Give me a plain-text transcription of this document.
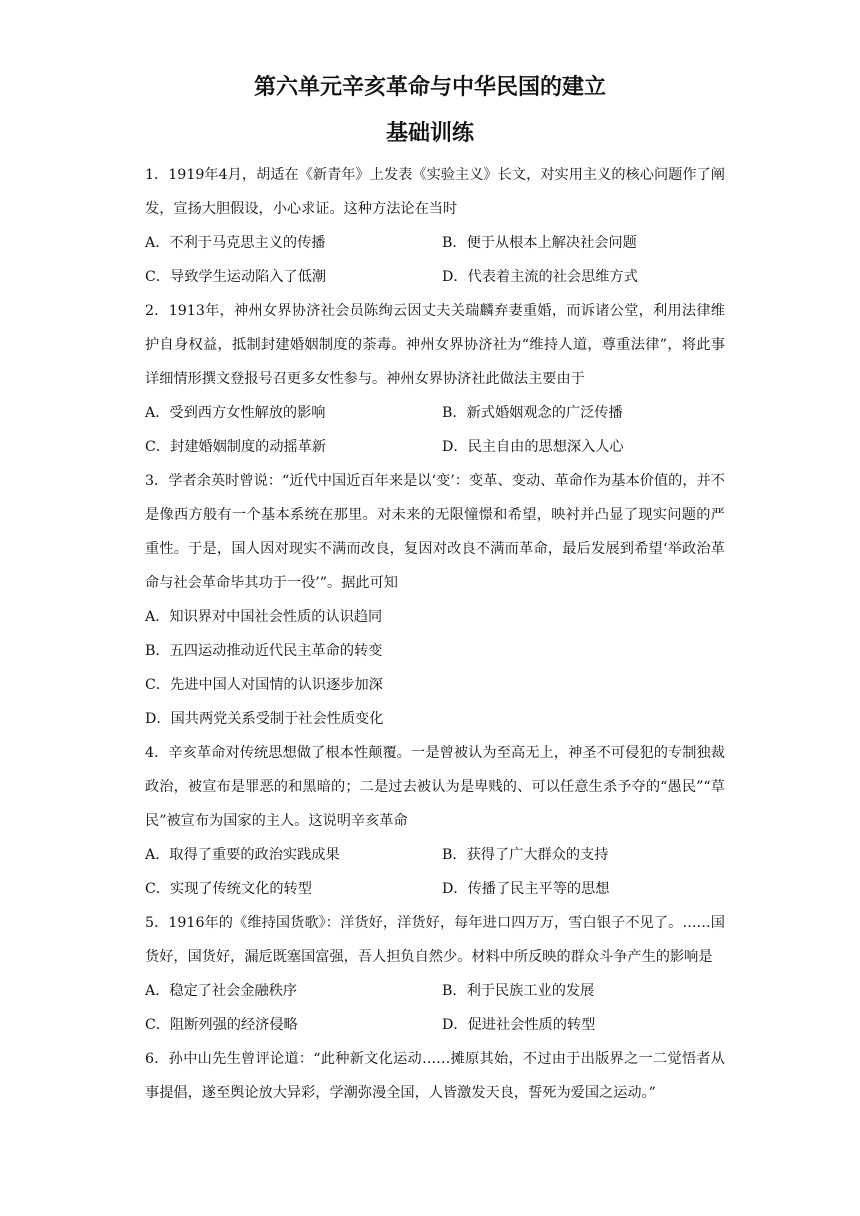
第六单元辛亥革命与中华民国的建立
基础训练

1．1919年4月，胡适在《新青年》上发表《实验主义》长文，对实用主义的核心问题作了阐发，宣扬大胆假设，小心求证。这种方法论在当时

A．不利于马克思主义的传播	B．便于从根本上解决社会问题
C．导致学生运动陷入了低潮	D．代表着主流的社会思维方式

2．1913年，神州女界协济社会员陈绚云因丈夫关瑞麟弃妻重婚，而诉诸公堂，利用法律维护自身权益，抵制封建婚姻制度的荼毒。神州女界协济社为“维持人道，尊重法律”，将此事详细情形撰文登报号召更多女性参与。神州女界协济社此做法主要由于

A．受到西方女性解放的影响	B．新式婚姻观念的广泛传播
C．封建婚姻制度的动摇革新	D．民主自由的思想深入人心

3．学者余英时曾说：“近代中国近百年来是以‘变’：变革、变动、革命作为基本价值的，并不是像西方般有一个基本系统在那里。对未来的无限憧憬和希望，映衬并凸显了现实问题的严重性。于是，国人因对现实不满而改良，复因对改良不满而革命，最后发展到希望‘举政治革命与社会革命毕其功于一役’”。据此可知

A．知识界对中国社会性质的认识趋同
B．五四运动推动近代民主革命的转变
C．先进中国人对国情的认识逐步加深
D．国共两党关系受制于社会性质变化

4．辛亥革命对传统思想做了根本性颠覆。一是曾被认为至高无上，神圣不可侵犯的专制独裁政治，被宣布是罪恶的和黑暗的；二是过去被认为是卑贱的、可以任意生杀予夺的“愚民”“草民”被宣布为国家的主人。这说明辛亥革命

A．取得了重要的政治实践成果	B．获得了广大群众的支持
C．实现了传统文化的转型	D．传播了民主平等的思想

5．1916年的《维持国货歌》：洋货好，洋货好，每年进口四万万，雪白银子不见了。……国货好，国货好，漏卮既塞国富强，吾人担负自然少。材料中所反映的群众斗争产生的影响是

A．稳定了社会金融秩序	B．利于民族工业的发展
C．阻断列强的经济侵略	D．促进社会性质的转型

6．孙中山先生曾评论道：“此种新文化运动……摊原其始，不过由于出版界之一二觉悟者从事提倡，遂至舆论放大异彩，学潮弥漫全国，人皆激发天良，誓死为爱国之运动。”
